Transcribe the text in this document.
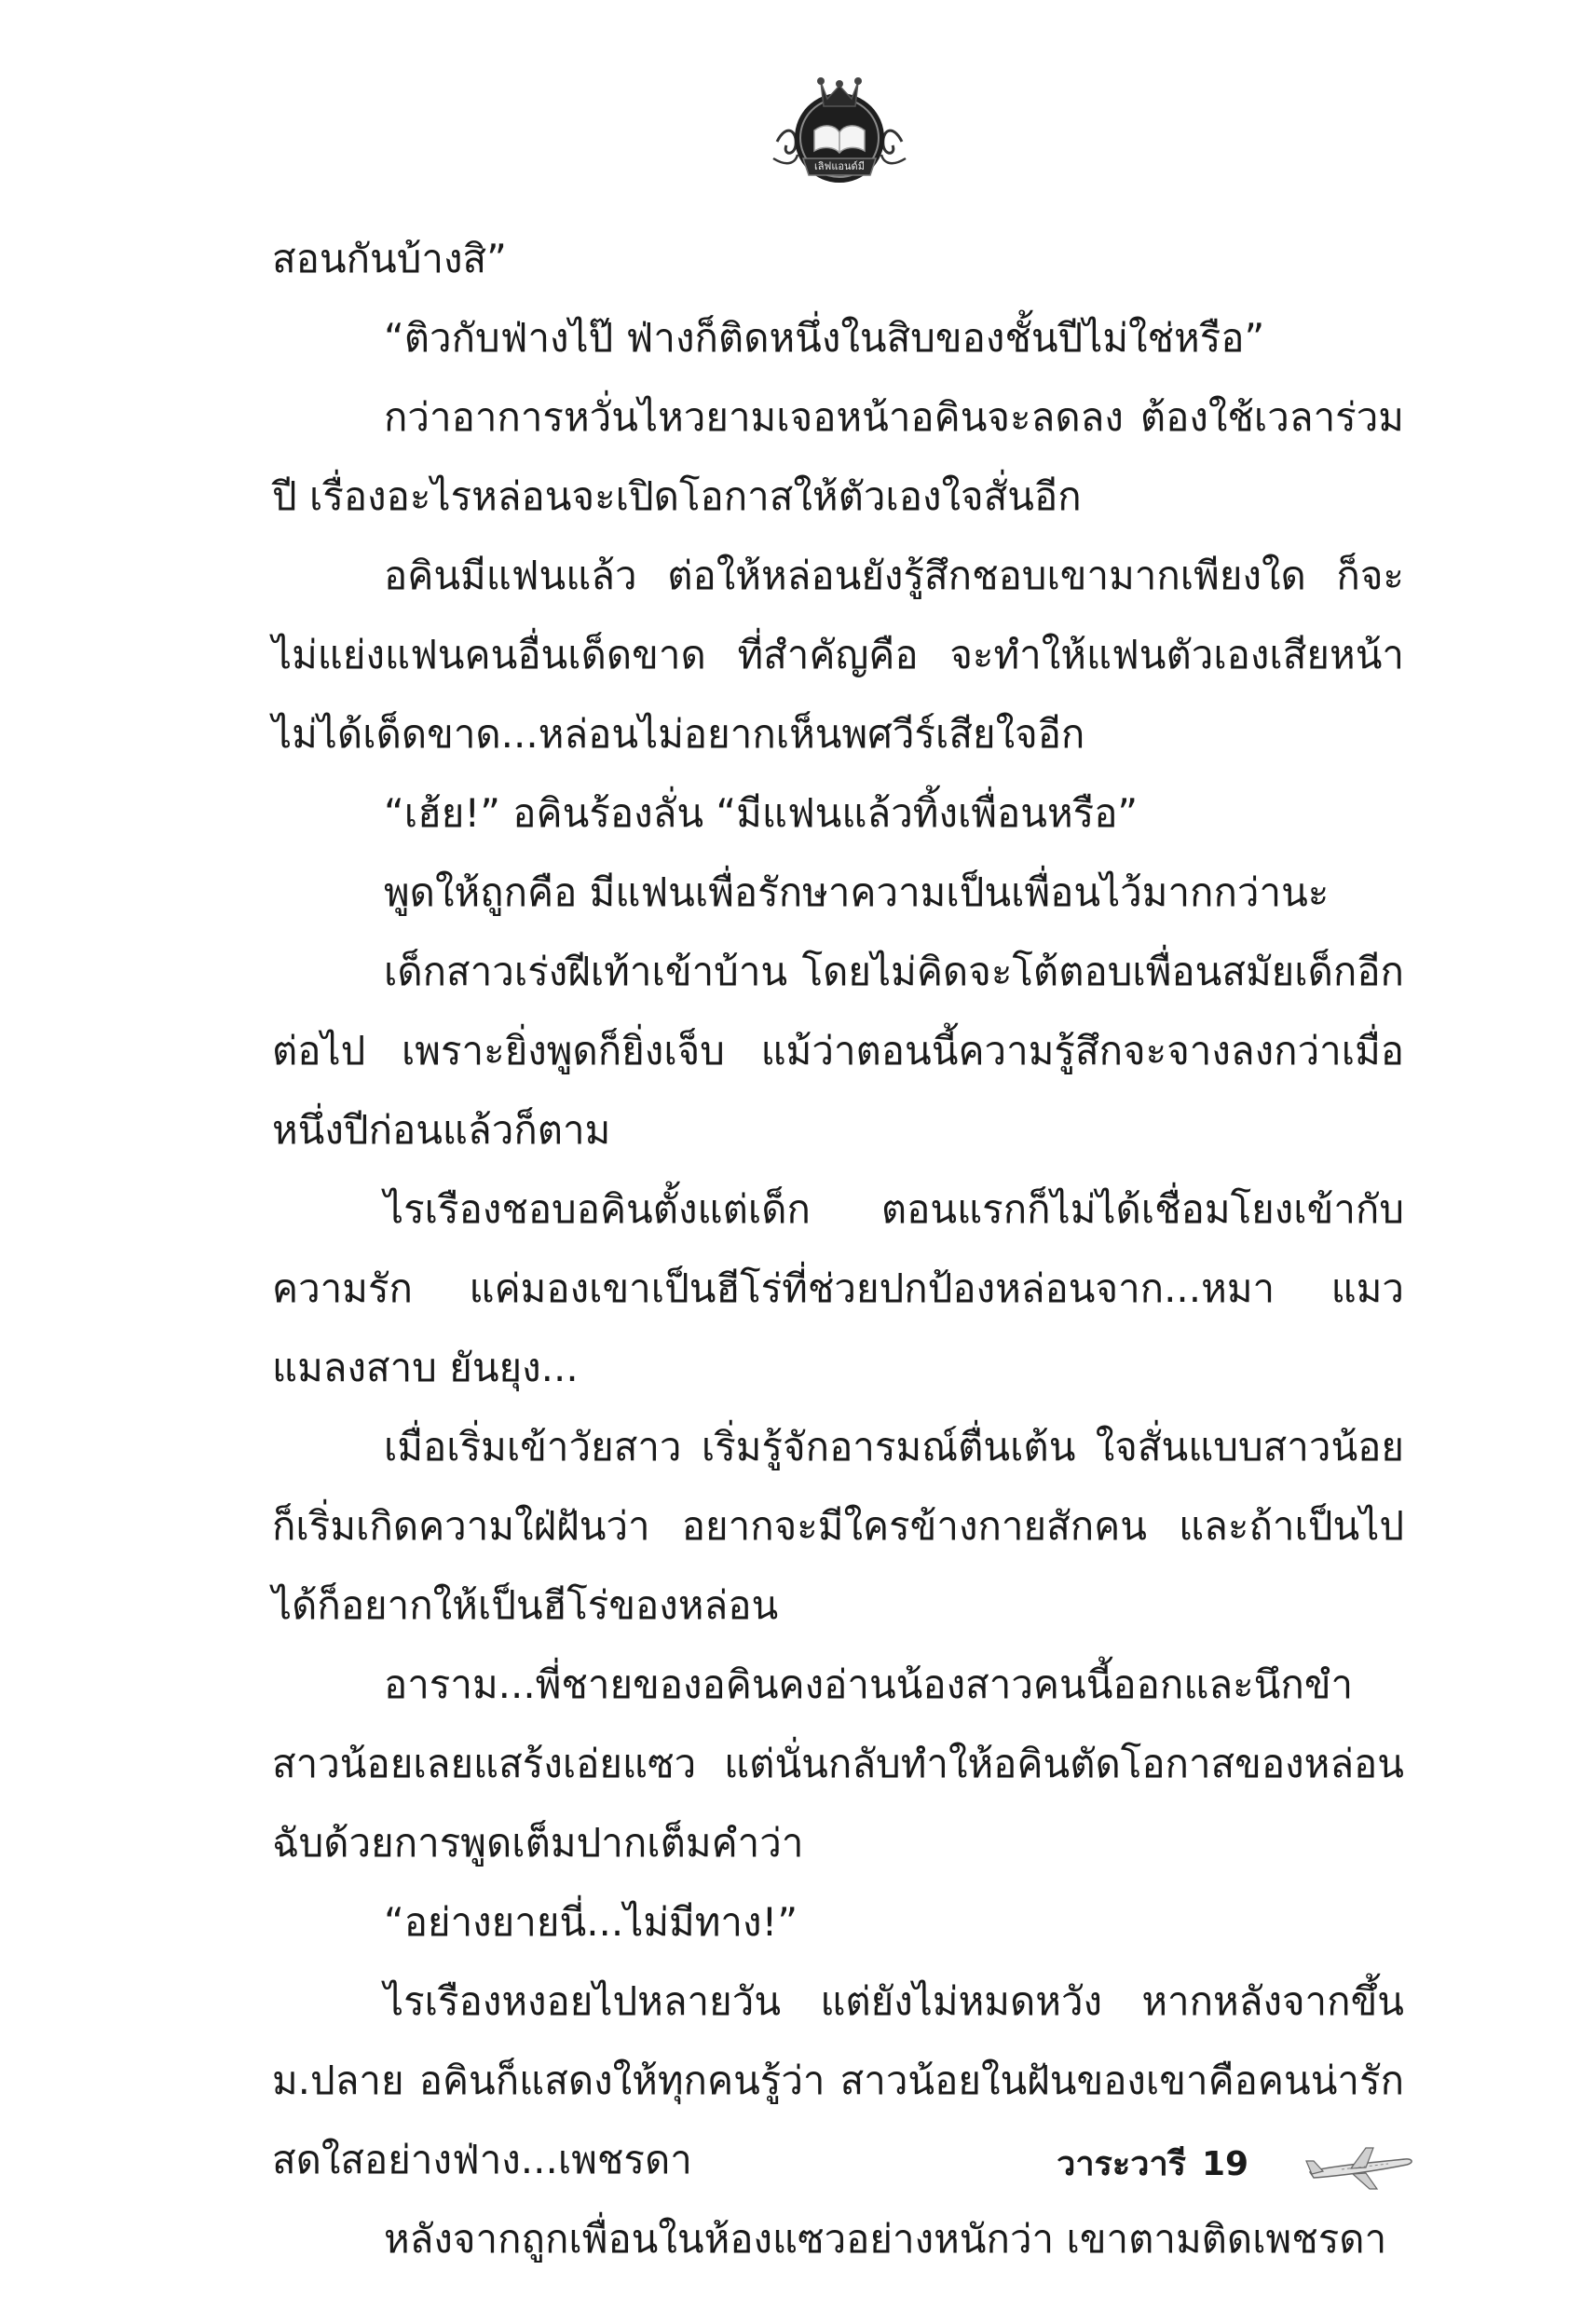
เลิฟแอนด์มี

สอนกันบ้างสิ”

“ติวกับฟ่างไป๊ ฟ่างก็ติดหนึ่งในสิบของชั้นปีไม่ใช่หรือ”

กว่าอาการหวั่นไหวยามเจอหน้าอคินจะลดลง ต้องใช้เวลาร่วมปี เรื่องอะไรหล่อนจะเปิดโอกาสให้ตัวเองใจสั่นอีก

อคินมีแฟนแล้ว ต่อให้หล่อนยังรู้สึกชอบเขามากเพียงใด ก็จะไม่แย่งแฟนคนอื่นเด็ดขาด ที่สำคัญคือ จะทำให้แฟนตัวเองเสียหน้าไม่ได้เด็ดขาด...หล่อนไม่อยากเห็นพศวีร์เสียใจอีก

“เฮ้ย!” อคินร้องลั่น “มีแฟนแล้วทิ้งเพื่อนหรือ”

พูดให้ถูกคือ มีแฟนเพื่อรักษาความเป็นเพื่อนไว้มากกว่านะ

เด็กสาวเร่งฝีเท้าเข้าบ้าน โดยไม่คิดจะโต้ตอบเพื่อนสมัยเด็กอีกต่อไป เพราะยิ่งพูดก็ยิ่งเจ็บ แม้ว่าตอนนี้ความรู้สึกจะจางลงกว่าเมื่อหนึ่งปีก่อนแล้วก็ตาม

ไรเรืองชอบอคินตั้งแต่เด็ก ตอนแรกก็ไม่ได้เชื่อมโยงเข้ากับความรัก แค่มองเขาเป็นฮีโร่ที่ช่วยปกป้องหล่อนจาก...หมา แมว แมลงสาบ ยันยุง...

เมื่อเริ่มเข้าวัยสาว เริ่มรู้จักอารมณ์ตื่นเต้น ใจสั่นแบบสาวน้อยก็เริ่มเกิดความใฝ่ฝันว่า อยากจะมีใครข้างกายสักคน และถ้าเป็นไปได้ก็อยากให้เป็นฮีโร่ของหล่อน

อาราม...พี่ชายของอคินคงอ่านน้องสาวคนนี้ออกและนึกขำสาวน้อยเลยแสร้งเอ่ยแซว แต่นั่นกลับทำให้อคินตัดโอกาสของหล่อนฉับด้วยการพูดเต็มปากเต็มคำว่า

“อย่างยายนี่...ไม่มีทาง!”

ไรเรืองหงอยไปหลายวัน แต่ยังไม่หมดหวัง หากหลังจากขึ้นม.ปลาย อคินก็แสดงให้ทุกคนรู้ว่า สาวน้อยในฝันของเขาคือคนน่ารักสดใสอย่างฟ่าง...เพชรดา

หลังจากถูกเพื่อนในห้องแซวอย่างหนักว่า เขาตามติดเพชรดา

วาระวารี 19
